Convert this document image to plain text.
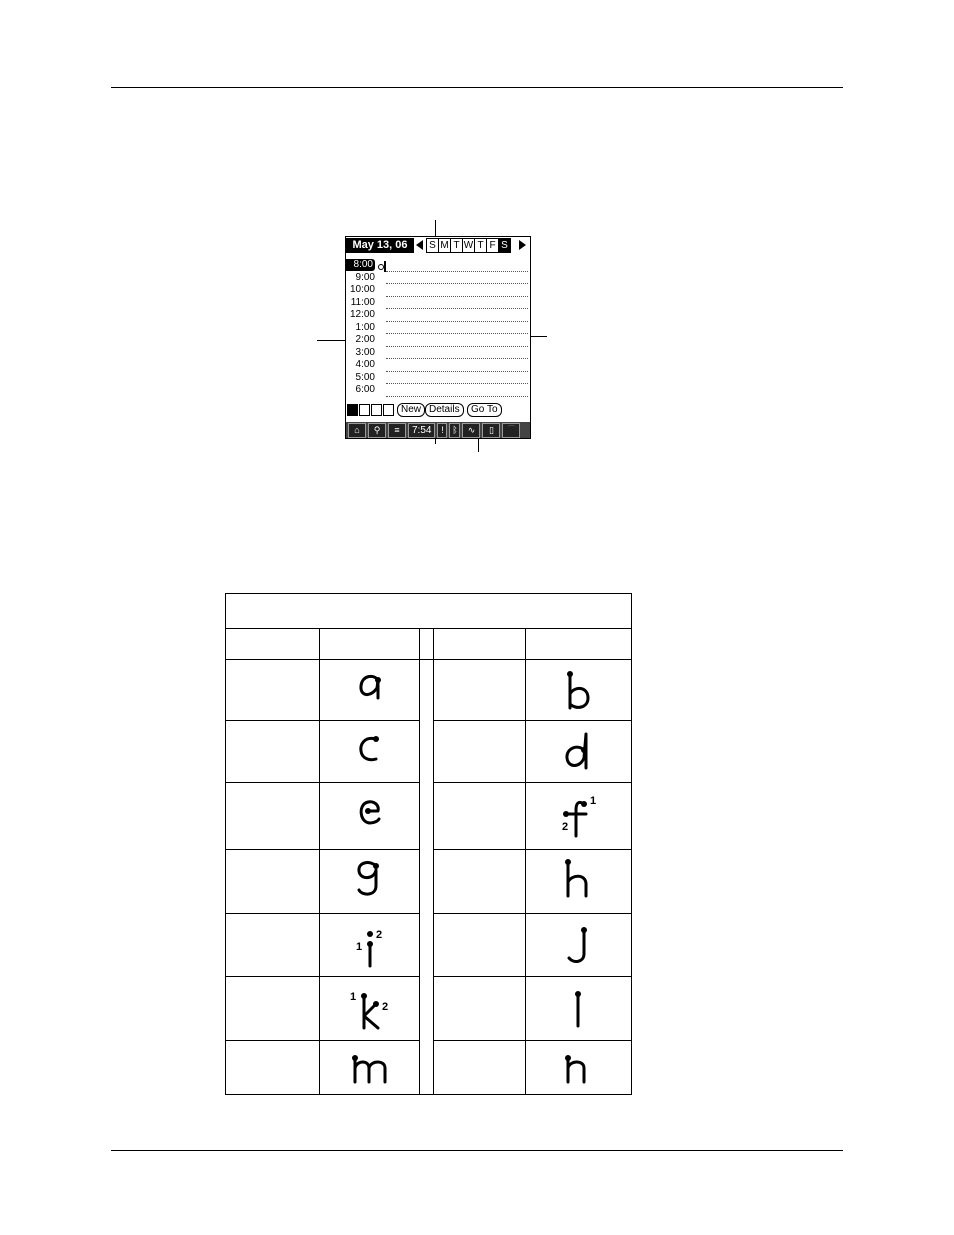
May 13, 06	S M T W T F S
8:00
9:00
10:00
11:00
12:00
1:00
2:00
3:00
4:00
5:00
6:00
New Details	Go To
⌂	⚲	≡	7:54	! ᛒ	∿	▯	⌒
1
2
2
1
1
2
